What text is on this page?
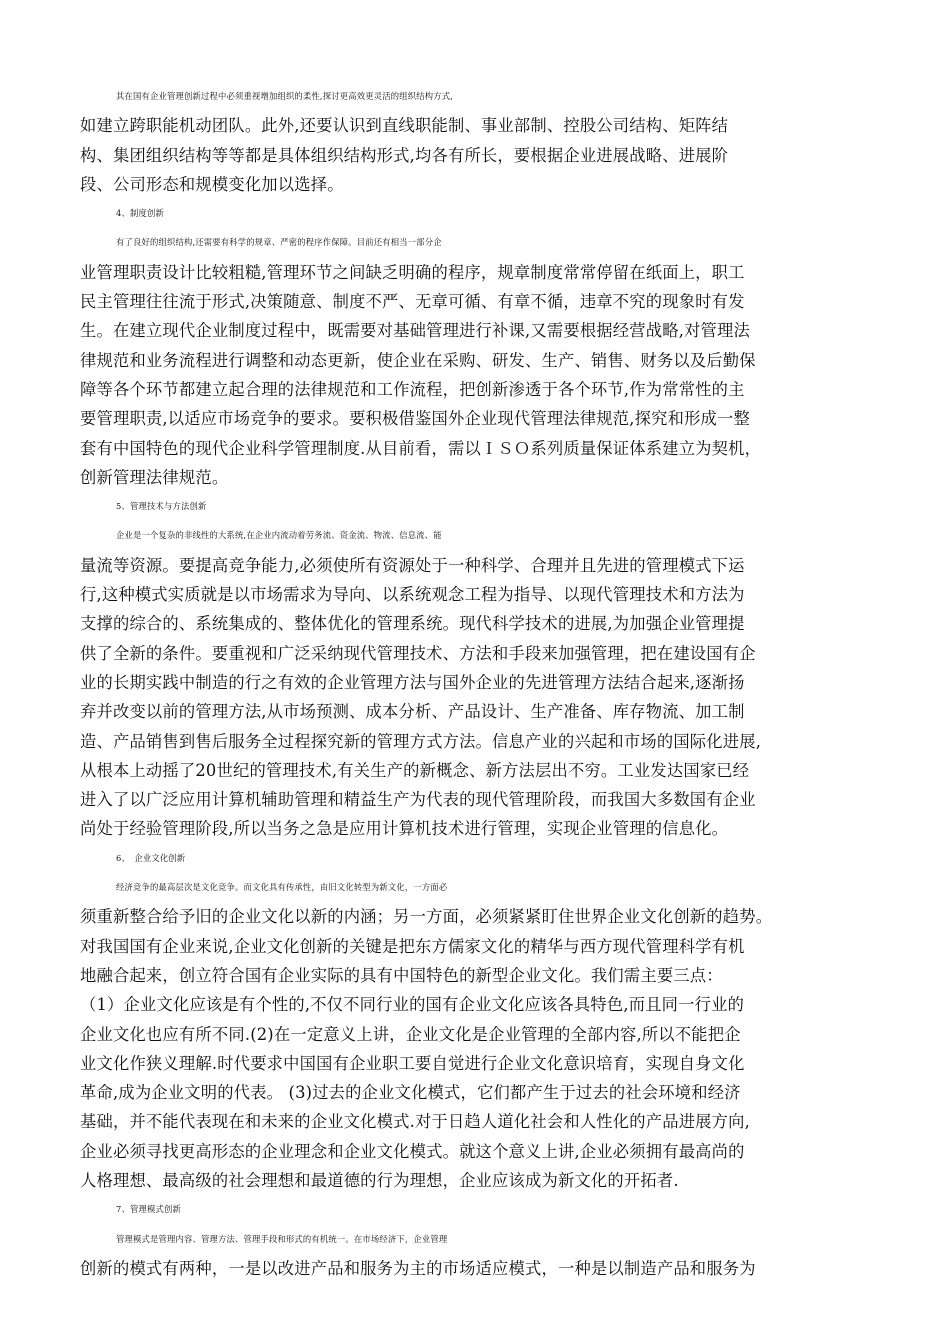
其在国有企业管理创新过程中必须重视增加组织的柔性,探讨更高效更灵活的组织结构方式,
如建立跨职能机动团队。此外,还要认识到直线职能制、事业部制、控股公司结构、矩阵结
构、集团组织结构等等都是具体组织结构形式,均各有所长，要根据企业进展战略、进展阶
段、公司形态和规模变化加以选择。
4、制度创新
有了良好的组织结构,还需要有科学的规章、严密的程序作保障。目前还有相当一部分企
业管理职责设计比较粗糙,管理环节之间缺乏明确的程序，规章制度常常停留在纸面上，职工
民主管理往往流于形式,决策随意、制度不严、无章可循、有章不循，违章不究的现象时有发
生。在建立现代企业制度过程中，既需要对基础管理进行补课,又需要根据经营战略,对管理法
律规范和业务流程进行调整和动态更新，使企业在采购、研发、生产、销售、财务以及后勤保
障等各个环节都建立起合理的法律规范和工作流程，把创新渗透于各个环节,作为常常性的主
要管理职责,以适应市场竞争的要求。要积极借鉴国外企业现代管理法律规范,探究和形成一整
套有中国特色的现代企业科学管理制度.从目前看，需以ＩＳＯ系列质量保证体系建立为契机，
创新管理法律规范。
5、管理技术与方法创新
企业是一个复杂的非线性的大系统,在企业内流动着劳务流、资金流、物流、信息流、能
量流等资源。要提高竞争能力,必须使所有资源处于一种科学、合理并且先进的管理模式下运
行,这种模式实质就是以市场需求为导向、以系统观念工程为指导、以现代管理技术和方法为
支撑的综合的、系统集成的、整体优化的管理系统。现代科学技术的进展,为加强企业管理提
供了全新的条件。要重视和广泛采纳现代管理技术、方法和手段来加强管理，把在建设国有企
业的长期实践中制造的行之有效的企业管理方法与国外企业的先进管理方法结合起来,逐渐扬
弃并改变以前的管理方法,从市场预测、成本分析、产品设计、生产准备、库存物流、加工制
造、产品销售到售后服务全过程探究新的管理方式方法。信息产业的兴起和市场的国际化进展,
从根本上动摇了20世纪的管理技术,有关生产的新概念、新方法层出不穷。工业发达国家已经
进入了以广泛应用计算机辅助管理和精益生产为代表的现代管理阶段，而我国大多数国有企业
尚处于经验管理阶段,所以当务之急是应用计算机技术进行管理，实现企业管理的信息化。
6、　企业文化创新
经济竞争的最高层次是文化竞争。而文化具有传承性，由旧文化转型为新文化，一方面必
须重新整合给予旧的企业文化以新的内涵；另一方面，必须紧紧盯住世界企业文化创新的趋势。
对我国国有企业来说,企业文化创新的关键是把东方儒家文化的精华与西方现代管理科学有机
地融合起来，创立符合国有企业实际的具有中国特色的新型企业文化。我们需主要三点：
（1）企业文化应该是有个性的,不仅不同行业的国有企业文化应该各具特色,而且同一行业的
企业文化也应有所不同.(2)在一定意义上讲，企业文化是企业管理的全部内容,所以不能把企
业文化作狭义理解.时代要求中国国有企业职工要自觉进行企业文化意识培育，实现自身文化
革命,成为企业文明的代表。 (3)过去的企业文化模式，它们都产生于过去的社会环境和经济
基础，并不能代表现在和未来的企业文化模式.对于日趋人道化社会和人性化的产品进展方向,
企业必须寻找更高形态的企业理念和企业文化模式。就这个意义上讲,企业必须拥有最高尚的
人格理想、最高级的社会理想和最道德的行为理想，企业应该成为新文化的开拓者.
7、管理模式创新
管理模式是管理内容、管理方法、管理手段和形式的有机统一。在市场经济下，企业管理
创新的模式有两种，一是以改进产品和服务为主的市场适应模式，一种是以制造产品和服务为
